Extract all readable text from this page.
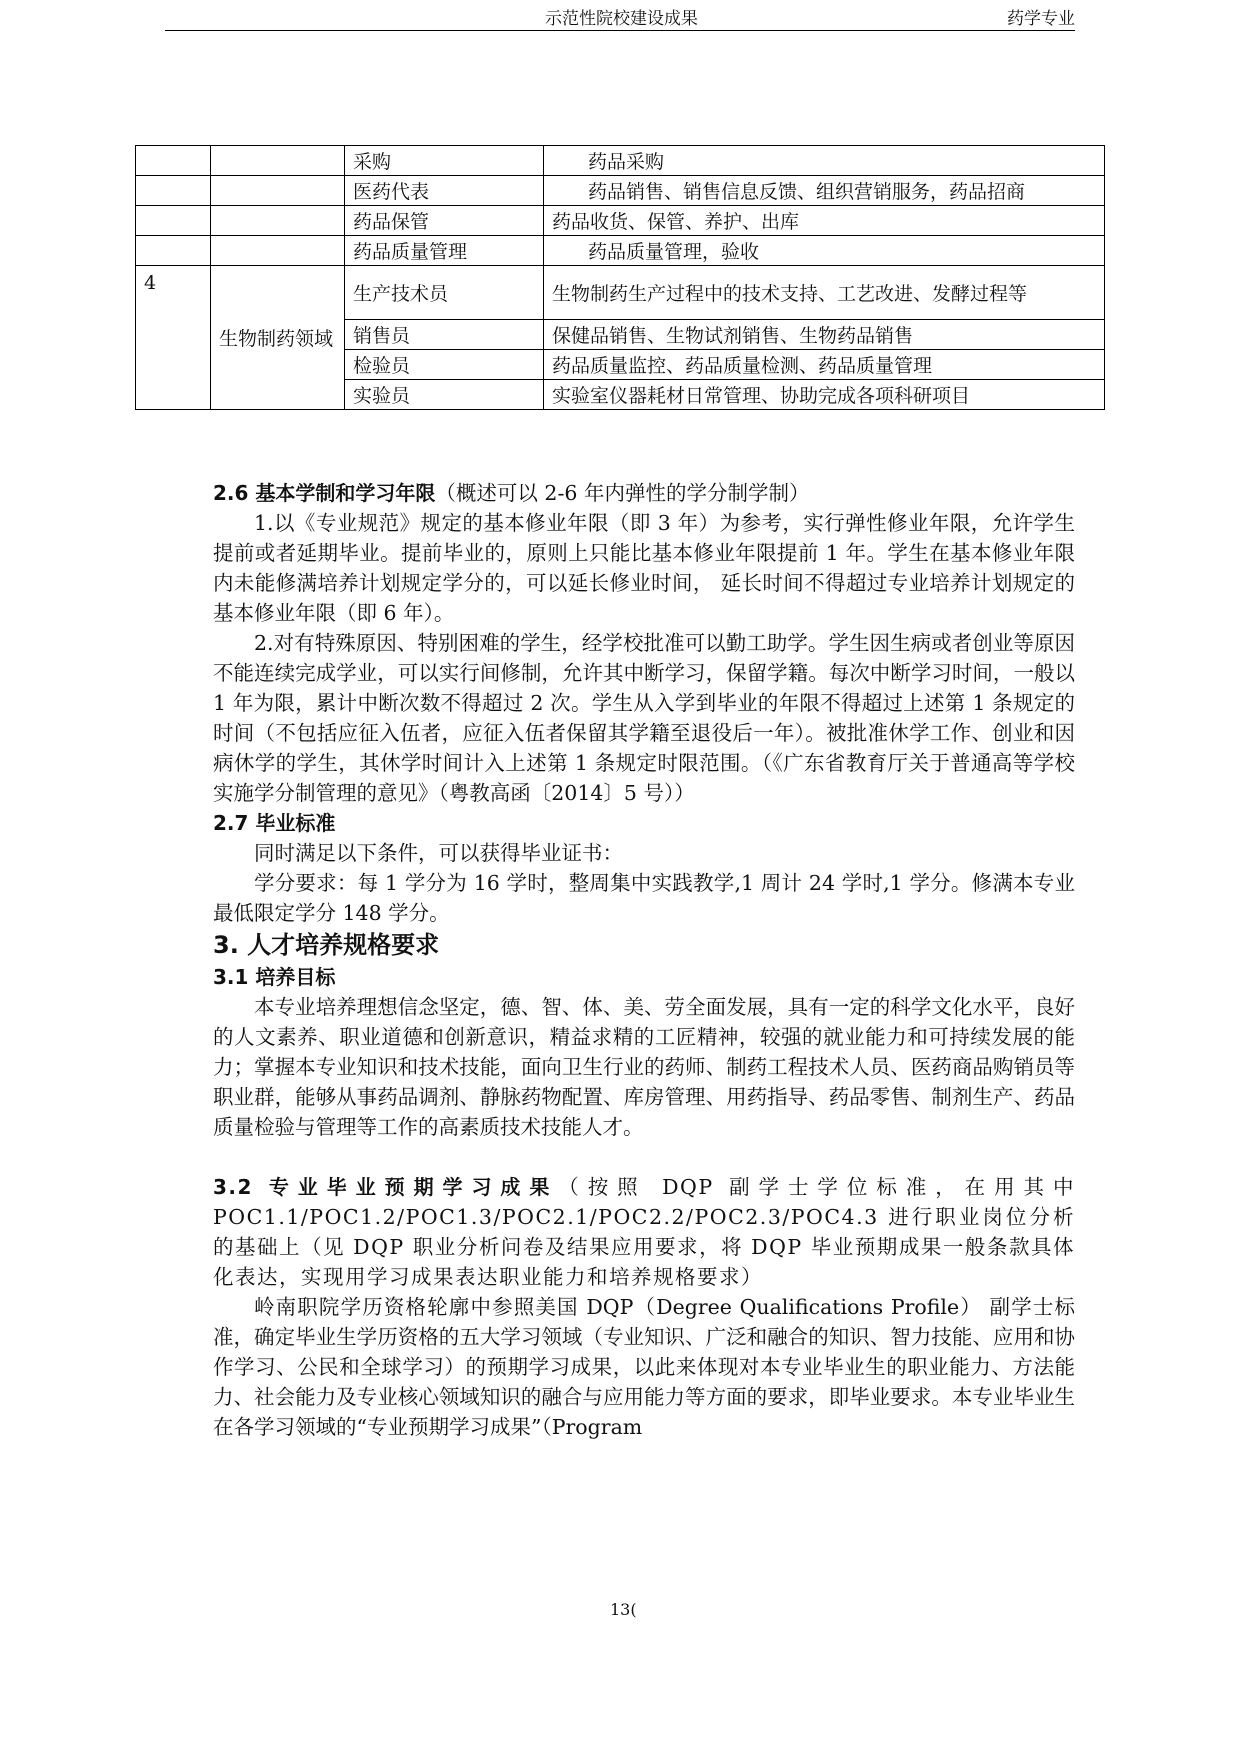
示范性院校建设成果	药学专业
		采购	药品采购
		医药代表	药品销售、销售信息反馈、组织营销服务，药品招商
		药品保管	药品收货、保管、养护、出库
		药品质量管理	药品质量管理，验收
4	生物制药领域	生产技术员	生物制药生产过程中的技术支持、工艺改进、发酵过程等
		销售员	保健品销售、生物试剂销售、生物药品销售
		检验员	药品质量监控、药品质量检测、药品质量管理
		实验员	实验室仪器耗材日常管理、协助完成各项科研项目

2.6 基本学制和学习年限（概述可以 2-6 年内弹性的学分制学制）

1.以《专业规范》规定的基本修业年限（即 3 年）为参考，实行弹性修业年限，允许学生提前或者延期毕业。提前毕业的，原则上只能比基本修业年限提前 1 年。学生在基本修业年限内未能修满培养计划规定学分的，可以延长修业时间， 延长时间不得超过专业培养计划规定的基本修业年限（即 6 年）。

2.对有特殊原因、特别困难的学生，经学校批准可以勤工助学。学生因生病或者创业等原因不能连续完成学业，可以实行间修制，允许其中断学习，保留学籍。每次中断学习时间，一般以 1 年为限，累计中断次数不得超过 2 次。学生从入学到毕业的年限不得超过上述第 1 条规定的时间（不包括应征入伍者，应征入伍者保留其学籍至退役后一年）。被批准休学工作、创业和因病休学的学生，其休学时间计入上述第 1 条规定时限范围。（《广东省教育厅关于普通高等学校实施学分制管理的意见》（粤教高函〔2014〕5 号））

2.7 毕业标准

同时满足以下条件，可以获得毕业证书：

学分要求：每 1 学分为 16 学时，整周集中实践教学,1 周计 24 学时,1 学分。修满本专业最低限定学分 148 学分。

3. 人才培养规格要求

3.1 培养目标

本专业培养理想信念坚定，德、智、体、美、劳全面发展，具有一定的科学文化水平，良好的人文素养、职业道德和创新意识，精益求精的工匠精神，较强的就业能力和可持续发展的能力；掌握本专业知识和技术技能，面向卫生行业的药师、制药工程技术人员、医药商品购销员等职业群，能够从事药品调剂、静脉药物配置、库房管理、用药指导、药品零售、制剂生产、药品质量检验与管理等工作的高素质技术技能人才。

3.2 专业毕业预期学习成果（按照 DQP 副学士学位标准，在用其中 POC1.1/POC1.2/POC1.3/POC2.1/POC2.2/POC2.3/POC4.3 进行职业岗位分析的基础上（见 DQP 职业分析问卷及结果应用要求，将 DQP 毕业预期成果一般条款具体化表达，实现用学习成果表达职业能力和培养规格要求）

岭南职院学历资格轮廓中参照美国 DQP（Degree Qualifications Profile） 副学士标准，确定毕业生学历资格的五大学习领域（专业知识、广泛和融合的知识、智力技能、应用和协作学习、公民和全球学习）的预期学习成果，以此来体现对本专业毕业生的职业能力、方法能力、社会能力及专业核心领域知识的融合与应用能力等方面的要求，即毕业要求。本专业毕业生在各学习领域的“专业预期学习成果”（Program

13(
